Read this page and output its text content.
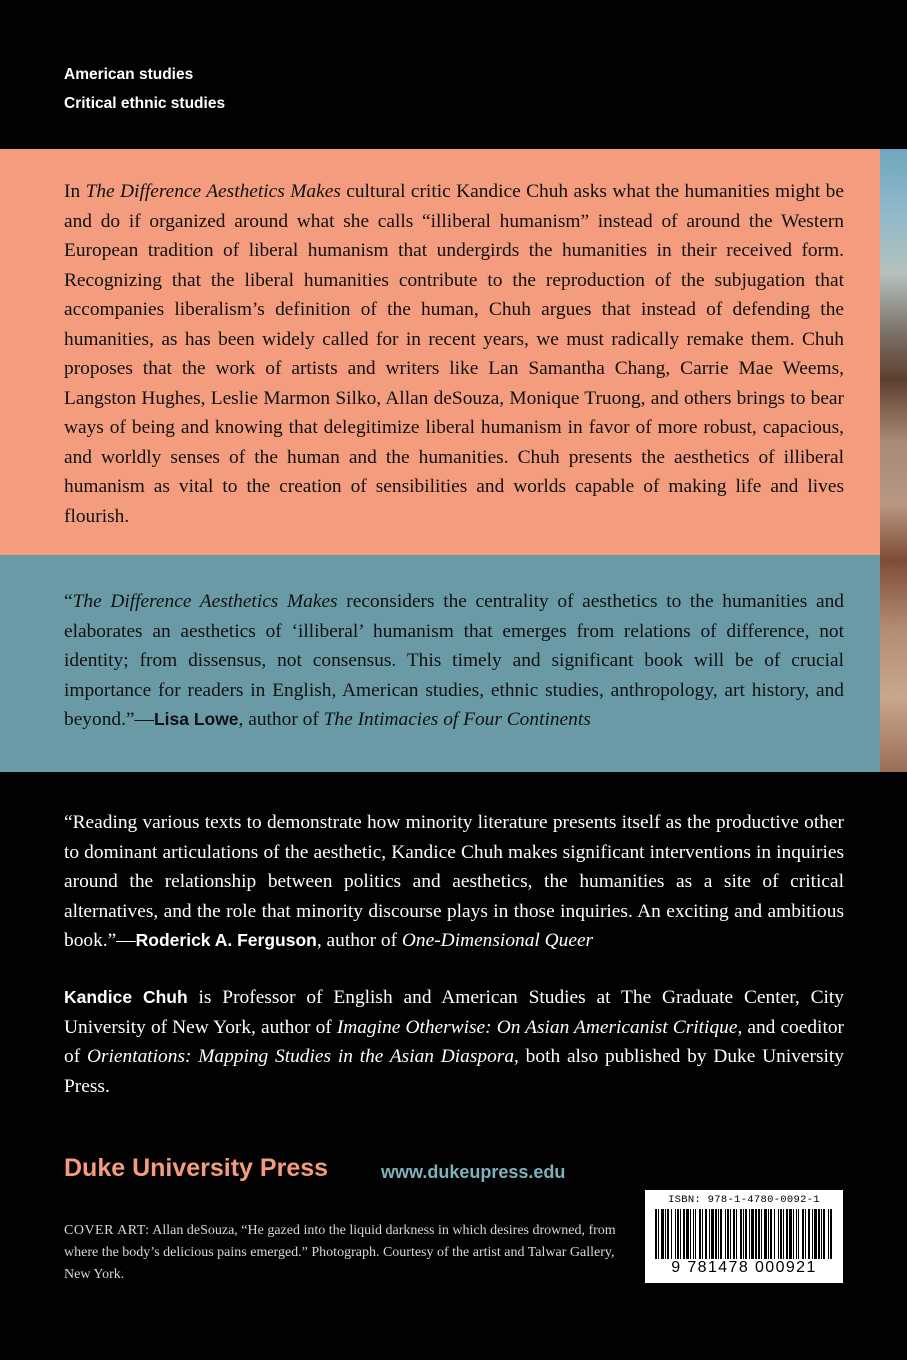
American studies
Critical ethnic studies

In The Difference Aesthetics Makes cultural critic Kandice Chuh asks what the humanities might be and do if organized around what she calls “illiberal humanism” instead of around the Western European tradition of liberal humanism that undergirds the humanities in their received form. Recognizing that the liberal humanities contribute to the reproduction of the subjugation that accompanies liberalism’s definition of the human, Chuh argues that instead of defending the humanities, as has been widely called for in recent years, we must radically remake them. Chuh proposes that the work of artists and writers like Lan Samantha Chang, Carrie Mae Weems, Langston Hughes, Leslie Marmon Silko, Allan deSouza, Monique Truong, and others brings to bear ways of being and knowing that delegitimize liberal humanism in favor of more robust, capacious, and worldly senses of the human and the humanities. Chuh presents the aesthetics of illiberal humanism as vital to the creation of sensibilities and worlds capable of making life and lives flourish.

“The Difference Aesthetics Makes reconsiders the centrality of aesthetics to the humanities and elaborates an aesthetics of ‘illiberal’ humanism that emerges from relations of difference, not identity; from dissensus, not consensus. This timely and significant book will be of crucial importance for readers in English, American studies, ethnic studies, anthropology, art history, and beyond.”—Lisa Lowe, author of The Intimacies of Four Continents

“Reading various texts to demonstrate how minority literature presents itself as the productive other to dominant articulations of the aesthetic, Kandice Chuh makes significant interventions in inquiries around the relationship between politics and aesthetics, the humanities as a site of critical alternatives, and the role that minority discourse plays in those inquiries. An exciting and ambitious book.”—Roderick A. Ferguson, author of One-Dimensional Queer

Kandice Chuh is Professor of English and American Studies at The Graduate Center, City University of New York, author of Imagine Otherwise: On Asian Americanist Critique, and coeditor of Orientations: Mapping Studies in the Asian Diaspora, both also published by Duke University Press.

Duke University Press	www.dukeupress.edu

COVER ART: Allan deSouza, “He gazed into the liquid darkness in which desires drowned, from where the body’s delicious pains emerged.” Photograph. Courtesy of the artist and Talwar Gallery, New York.

ISBN: 978-1-4780-0092-1
9 781478 000921
